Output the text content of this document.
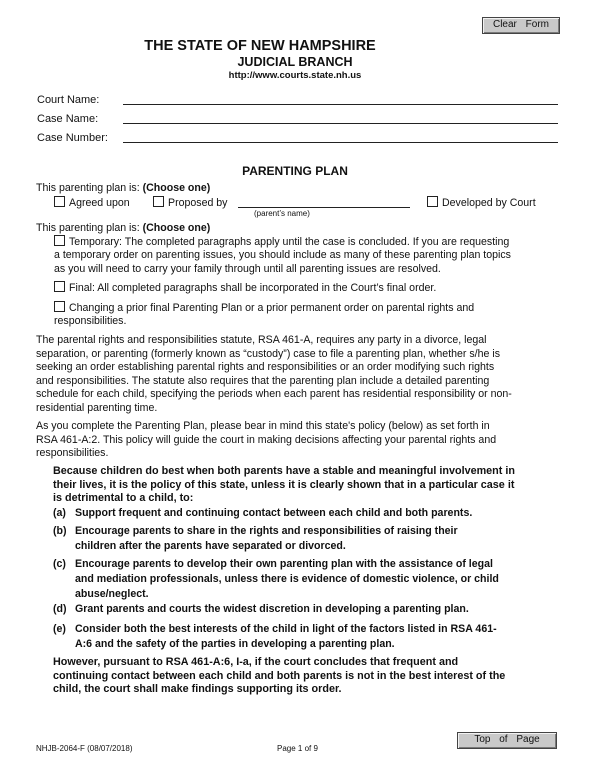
Clear Form
THE STATE OF NEW HAMPSHIRE
JUDICIAL BRANCH
http://www.courts.state.nh.us
Court Name:
Case Name:
Case Number:
PARENTING PLAN
This parenting plan is: (Choose one)
Agreed upon	Proposed by
(parent’s name)
Developed by Court
This parenting plan is: (Choose one)
Temporary: The completed paragraphs apply until the case is concluded. If you are requesting
a temporary order on parenting issues, you should include as many of these parenting plan topics
as you will need to carry your family through until all parenting issues are resolved.
Final: All completed paragraphs shall be incorporated in the Court’s final order.
Changing a prior final Parenting Plan or a prior permanent order on parental rights and
responsibilities.
The parental rights and responsibilities statute, RSA 461-A, requires any party in a divorce, legal
separation, or parenting (formerly known as “custody”) case to file a parenting plan, whether s/he is
seeking an order establishing parental rights and responsibilities or an order modifying such rights
and responsibilities. The statute also requires that the parenting plan include a detailed parenting
schedule for each child, specifying the periods when each parent has residential responsibility or non-
residential parenting time.
As you complete the Parenting Plan, please bear in mind this state's policy (below) as set forth in
RSA 461-A:2. This policy will guide the court in making decisions affecting your parental rights and
responsibilities.
Because children do best when both parents have a stable and meaningful involvement in
their lives, it is the policy of this state, unless it is clearly shown that in a particular case it
is detrimental to a child, to:
(a) Support frequent and continuing contact between each child and both parents.
(b) Encourage parents to share in the rights and responsibilities of raising their
children after the parents have separated or divorced.
(c) Encourage parents to develop their own parenting plan with the assistance of legal
and mediation professionals, unless there is evidence of domestic violence, or child
abuse/neglect.
(d) Grant parents and courts the widest discretion in developing a parenting plan.
(e) Consider both the best interests of the child in light of the factors listed in RSA 461-
A:6 and the safety of the parties in developing a parenting plan.
However, pursuant to RSA 461-A:6, I-a, if the court concludes that frequent and
continuing contact between each child and both parents is not in the best interest of the
child, the court shall make findings supporting its order.
NHJB-2064-F (08/07/2018)	Page 1 of 9
Top of Page
